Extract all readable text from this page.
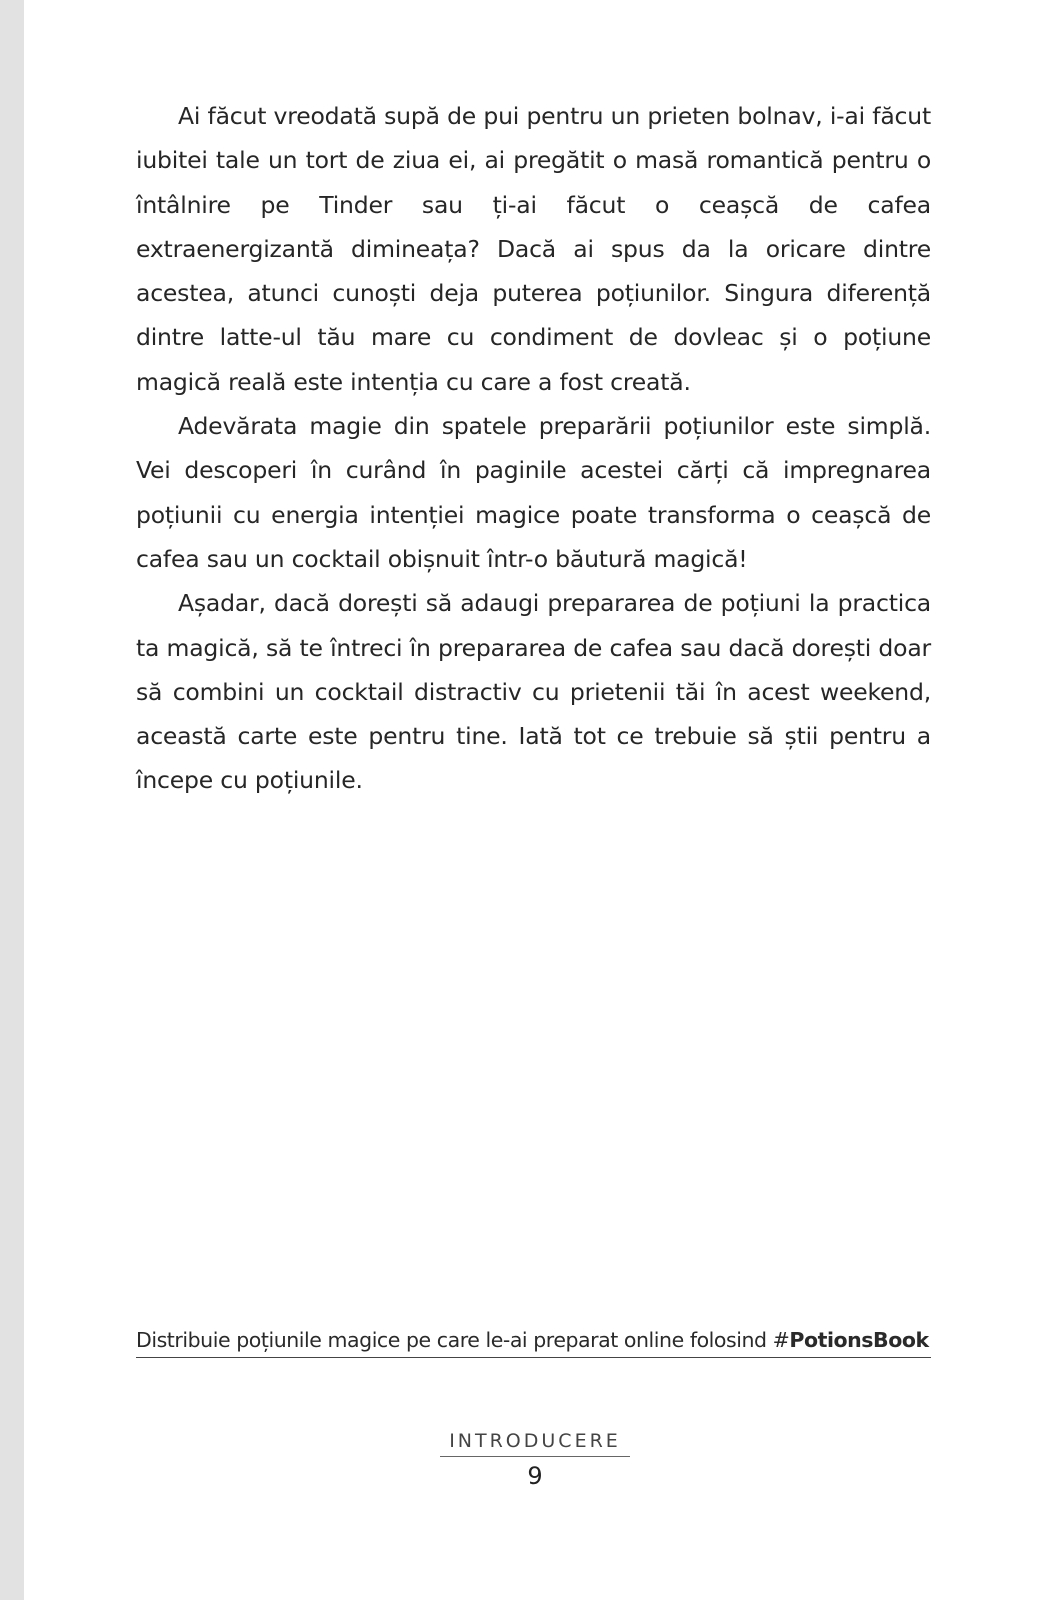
Ai făcut vreodată supă de pui pentru un prieten bolnav, i-ai făcut iubitei tale un tort de ziua ei, ai pregătit o masă romantică pentru o întâlnire pe Tinder sau ți-ai făcut o ceașcă de cafea extraenergizantă dimineața? Dacă ai spus da la oricare dintre acestea, atunci cunoști deja puterea poțiunilor. Singura diferență dintre latte-ul tău mare cu condiment de dovleac și o poțiune magică reală este intenția cu care a fost creată.

Adevărata magie din spatele preparării poțiunilor este simplă. Vei descoperi în curând în paginile acestei cărți că impregnarea poțiunii cu energia intenției magice poate transforma o ceașcă de cafea sau un cocktail obișnuit într-o băutură magică!

Așadar, dacă dorești să adaugi prepararea de poțiuni la practica ta magică, să te întreci în prepararea de cafea sau dacă dorești doar să combini un cocktail distractiv cu prietenii tăi în acest weekend, această carte este pentru tine. Iată tot ce trebuie să știi pentru a începe cu poțiunile.

Distribuie poțiunile magice pe care le-ai preparat online folosind #PotionsBook
INTRODUCERE
9
